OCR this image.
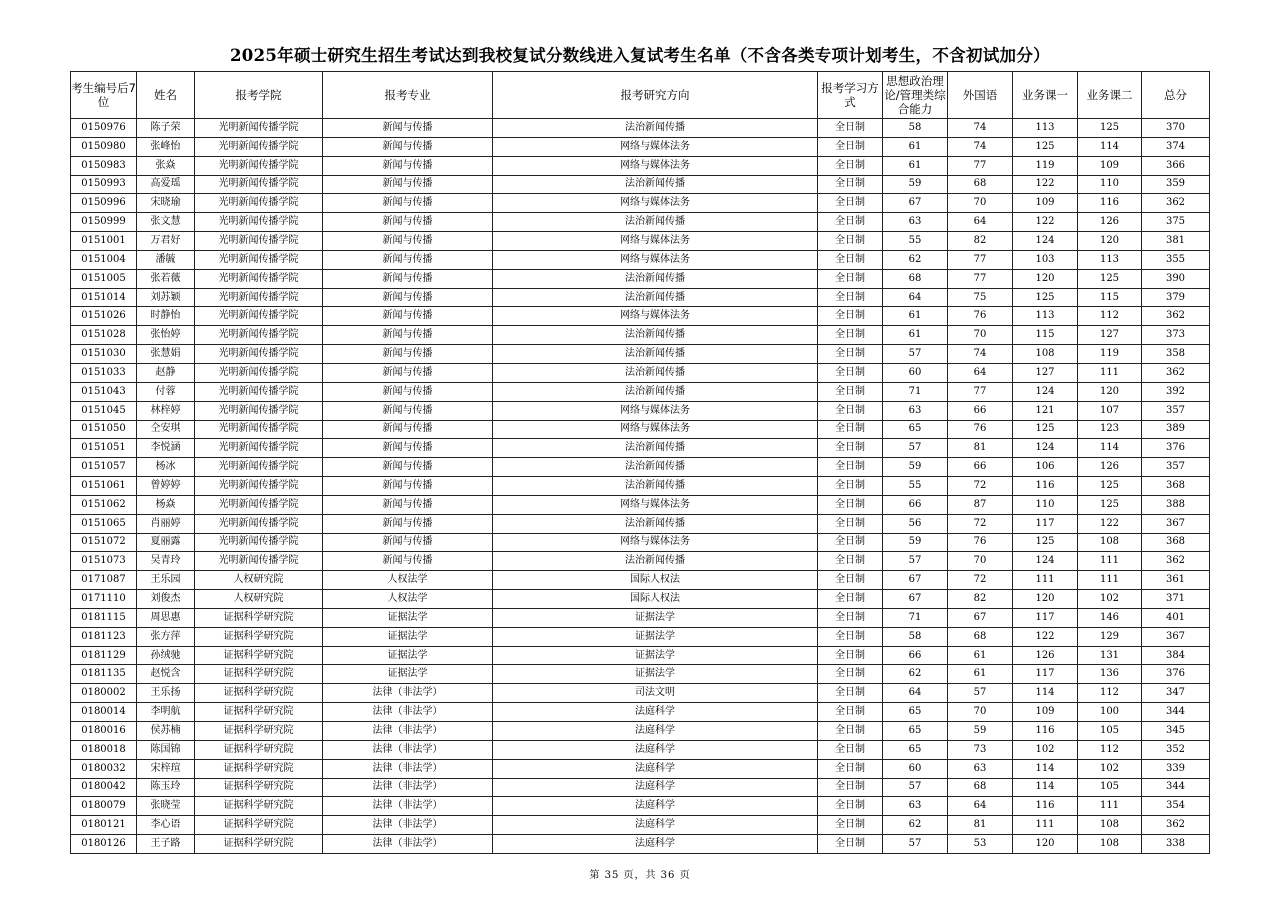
2025年硕士研究生招生考试达到我校复试分数线进入复试考生名单（不含各类专项计划考生，不含初试加分）
考生编号后7位	姓名	报考学院	报考专业	报考研究方向	报考学习方式	思想政治理论/管理类综合能力	外国语	业务课一	业务课二	总分
0150976	陈子荣	光明新闻传播学院	新闻与传播	法治新闻传播	全日制	58	74	113	125	370
0150980	张峰怡	光明新闻传播学院	新闻与传播	网络与媒体法务	全日制	61	74	125	114	374
0150983	张焱	光明新闻传播学院	新闻与传播	网络与媒体法务	全日制	61	77	119	109	366
0150993	高爱瑶	光明新闻传播学院	新闻与传播	法治新闻传播	全日制	59	68	122	110	359
0150996	宋晓瑜	光明新闻传播学院	新闻与传播	网络与媒体法务	全日制	67	70	109	116	362
0150999	张文慧	光明新闻传播学院	新闻与传播	法治新闻传播	全日制	63	64	122	126	375
0151001	万君好	光明新闻传播学院	新闻与传播	网络与媒体法务	全日制	55	82	124	120	381
0151004	潘毓	光明新闻传播学院	新闻与传播	网络与媒体法务	全日制	62	77	103	113	355
0151005	张若薇	光明新闻传播学院	新闻与传播	法治新闻传播	全日制	68	77	120	125	390
0151014	刘苏颖	光明新闻传播学院	新闻与传播	法治新闻传播	全日制	64	75	125	115	379
0151026	时静怡	光明新闻传播学院	新闻与传播	网络与媒体法务	全日制	61	76	113	112	362
0151028	张怡婷	光明新闻传播学院	新闻与传播	法治新闻传播	全日制	61	70	115	127	373
0151030	张慧娟	光明新闻传播学院	新闻与传播	法治新闻传播	全日制	57	74	108	119	358
0151033	赵静	光明新闻传播学院	新闻与传播	法治新闻传播	全日制	60	64	127	111	362
0151043	付蓉	光明新闻传播学院	新闻与传播	法治新闻传播	全日制	71	77	124	120	392
0151045	林梓婷	光明新闻传播学院	新闻与传播	网络与媒体法务	全日制	63	66	121	107	357
0151050	仝安琪	光明新闻传播学院	新闻与传播	网络与媒体法务	全日制	65	76	125	123	389
0151051	李悦涵	光明新闻传播学院	新闻与传播	法治新闻传播	全日制	57	81	124	114	376
0151057	杨冰	光明新闻传播学院	新闻与传播	法治新闻传播	全日制	59	66	106	126	357
0151061	曾婷婷	光明新闻传播学院	新闻与传播	法治新闻传播	全日制	55	72	116	125	368
0151062	杨焱	光明新闻传播学院	新闻与传播	网络与媒体法务	全日制	66	87	110	125	388
0151065	肖丽婷	光明新闻传播学院	新闻与传播	法治新闻传播	全日制	56	72	117	122	367
0151072	夏丽露	光明新闻传播学院	新闻与传播	网络与媒体法务	全日制	59	76	125	108	368
0151073	吴青玲	光明新闻传播学院	新闻与传播	法治新闻传播	全日制	57	70	124	111	362
0171087	王乐园	人权研究院	人权法学	国际人权法	全日制	67	72	111	111	361
0171110	刘俊杰	人权研究院	人权法学	国际人权法	全日制	67	82	120	102	371
0181115	周思惠	证据科学研究院	证据法学	证据法学	全日制	71	67	117	146	401
0181123	张方萍	证据科学研究院	证据法学	证据法学	全日制	58	68	122	129	367
0181129	孙绒驰	证据科学研究院	证据法学	证据法学	全日制	66	61	126	131	384
0181135	赵悦含	证据科学研究院	证据法学	证据法学	全日制	62	61	117	136	376
0180002	王乐扬	证据科学研究院	法律（非法学）	司法文明	全日制	64	57	114	112	347
0180014	李明航	证据科学研究院	法律（非法学）	法庭科学	全日制	65	70	109	100	344
0180016	侯苏楠	证据科学研究院	法律（非法学）	法庭科学	全日制	65	59	116	105	345
0180018	陈国锦	证据科学研究院	法律（非法学）	法庭科学	全日制	65	73	102	112	352
0180032	宋梓瑄	证据科学研究院	法律（非法学）	法庭科学	全日制	60	63	114	102	339
0180042	陈玉玲	证据科学研究院	法律（非法学）	法庭科学	全日制	57	68	114	105	344
0180079	张晓莹	证据科学研究院	法律（非法学）	法庭科学	全日制	63	64	116	111	354
0180121	李心语	证据科学研究院	法律（非法学）	法庭科学	全日制	62	81	111	108	362
0180126	王子路	证据科学研究院	法律（非法学）	法庭科学	全日制	57	53	120	108	338
第 35 页，共 36 页
